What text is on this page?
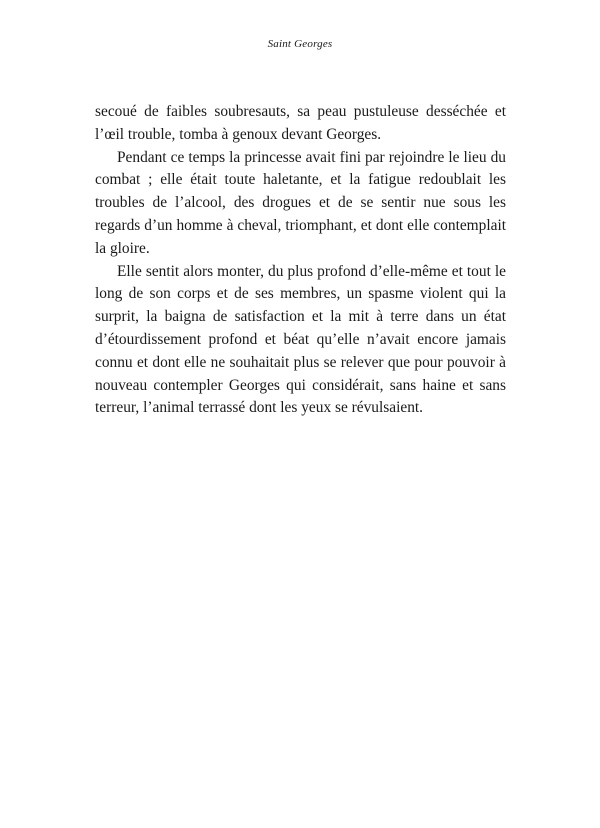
Saint Georges

secoué de faibles soubresauts, sa peau pustuleuse desséchée et l’œil trouble, tomba à genoux devant Georges.

Pendant ce temps la princesse avait fini par rejoindre le lieu du combat ; elle était toute haletante, et la fatigue redoublait les troubles de l’alcool, des drogues et de se sentir nue sous les regards d’un homme à cheval, triomphant, et dont elle contemplait la gloire.

Elle sentit alors monter, du plus profond d’elle-même et tout le long de son corps et de ses membres, un spasme violent qui la surprit, la baigna de satisfaction et la mit à terre dans un état d’étourdissement profond et béat qu’elle n’avait encore jamais connu et dont elle ne souhaitait plus se relever que pour pouvoir à nouveau contempler Georges qui considérait, sans haine et sans terreur, l’animal terrassé dont les yeux se révulsaient.
